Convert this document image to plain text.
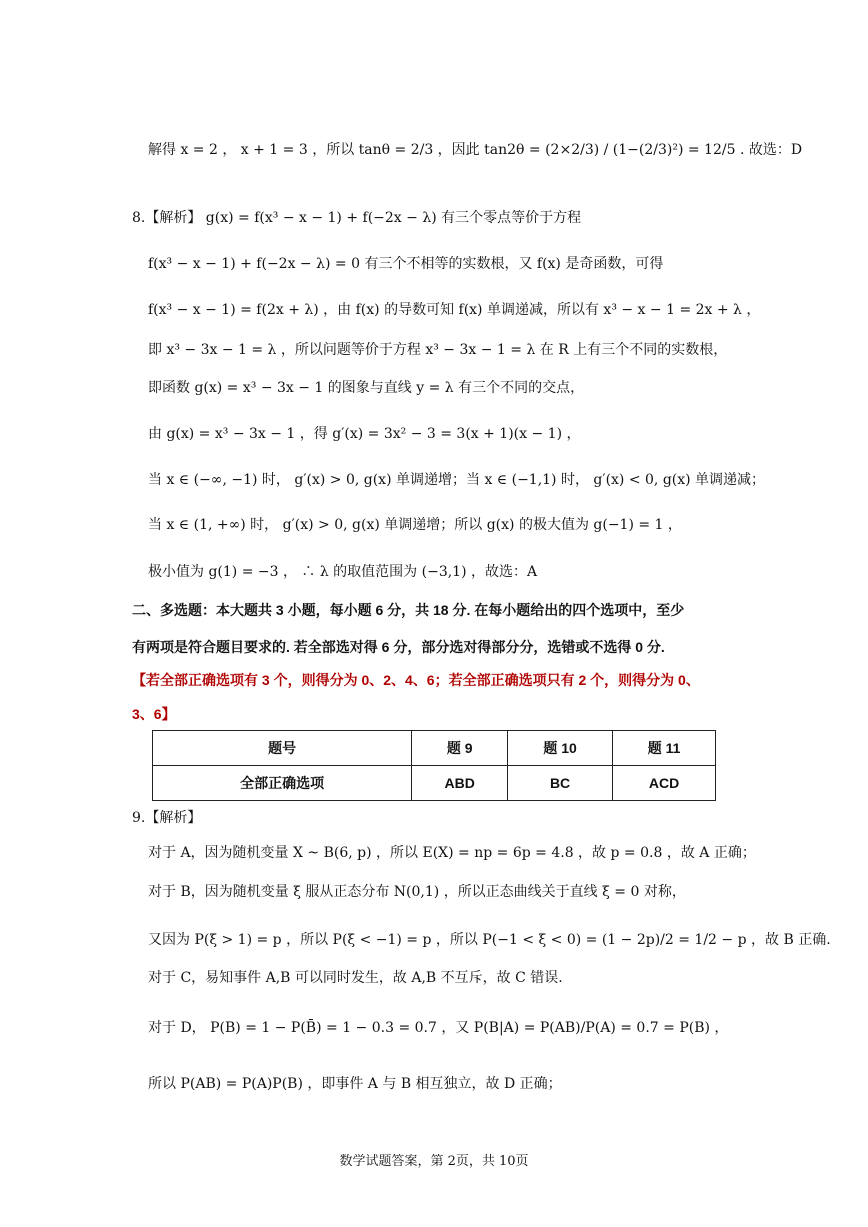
解得 x = 2 ， x + 1 = 3 ，所以 tanθ = 2/3 ，因此 tan2θ = (2×2/3) / (1−(2/3)²) = 12/5 . 故选：D
8.【解析】 g(x) = f(x³ − x − 1) + f(−2x − λ) 有三个零点等价于方程
f(x³ − x − 1) + f(−2x − λ) = 0 有三个不相等的实数根，又 f(x) 是奇函数，可得
f(x³ − x − 1) = f(2x + λ) ，由 f(x) 的导数可知 f(x) 单调递减，所以有 x³ − x − 1 = 2x + λ ，
即 x³ − 3x − 1 = λ ，所以问题等价于方程 x³ − 3x − 1 = λ 在 R 上有三个不同的实数根，
即函数 g(x) = x³ − 3x − 1 的图象与直线 y = λ 有三个不同的交点，
由 g(x) = x³ − 3x − 1 ，得 g′(x) = 3x² − 3 = 3(x + 1)(x − 1) ，
当 x ∈ (−∞, −1) 时， g′(x) > 0, g(x) 单调递增；当 x ∈ (−1,1) 时， g′(x) < 0, g(x) 单调递减；
当 x ∈ (1, +∞) 时， g′(x) > 0, g(x) 单调递增；所以 g(x) 的极大值为 g(−1) = 1 ，
极小值为 g(1) = −3 ， ∴ λ 的取值范围为 (−3,1) ，故选：A
二、多选题：本大题共 3 小题，每小题 6 分，共 18 分. 在每小题给出的四个选项中，至少
有两项是符合题目要求的. 若全部选对得 6 分，部分选对得部分分，选错或不选得 0 分.
【若全部正确选项有 3 个，则得分为 0、2、4、6；若全部正确选项只有 2 个，则得分为 0、
3、6】
题号	题 9	题 10	题 11
全部正确选项	ABD	BC	ACD
9.【解析】
对于 A，因为随机变量 X ~ B(6, p) ，所以 E(X) = np = 6p = 4.8 ，故 p = 0.8 ，故 A 正确；
对于 B，因为随机变量 ξ 服从正态分布 N(0,1) ，所以正态曲线关于直线 ξ = 0 对称，
又因为 P(ξ > 1) = p ，所以 P(ξ < −1) = p ，所以 P(−1 < ξ < 0) = (1 − 2p)/2 = 1/2 − p ，故 B 正确.
对于 C，易知事件 A,B 可以同时发生，故 A,B 不互斥，故 C 错误.
对于 D， P(B) = 1 − P(B̄) = 1 − 0.3 = 0.7 ，又 P(B|A) = P(AB)/P(A) = 0.7 = P(B) ，
所以 P(AB) = P(A)P(B) ，即事件 A 与 B 相互独立，故 D 正确；
数学试题答案，第 2页，共 10页
